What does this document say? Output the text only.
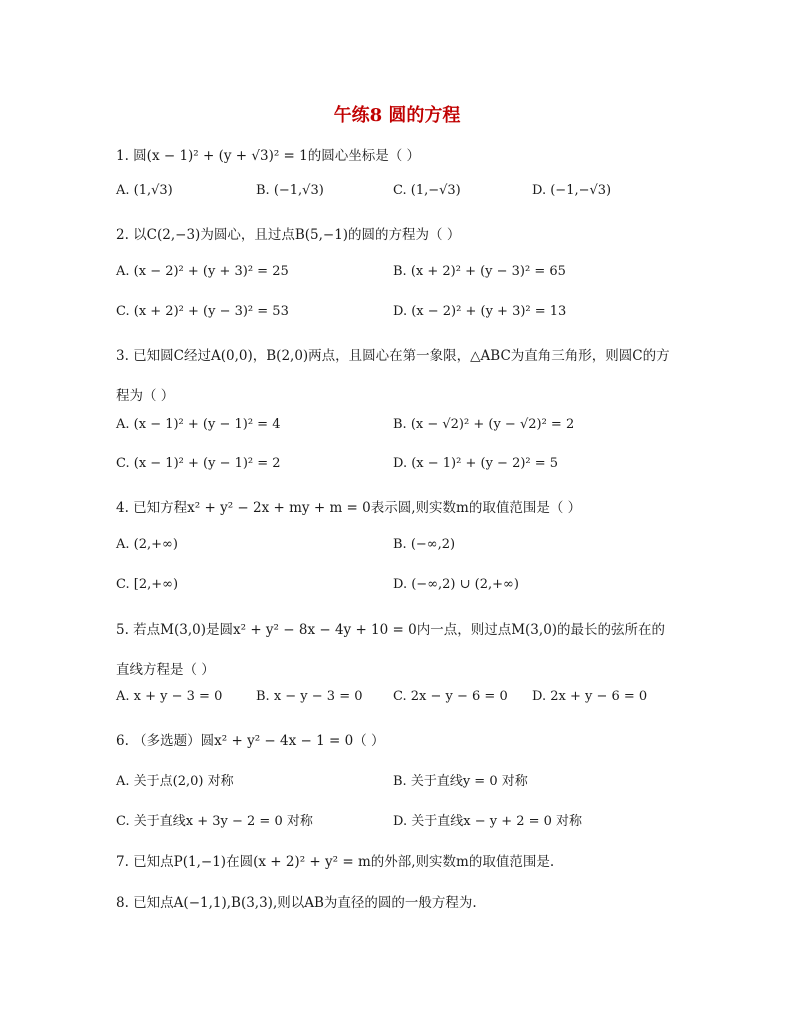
午练8 圆的方程
1. 圆(x − 1)² + (y + √3)² = 1的圆心坐标是（ ）
A. (1,√3)	B. (−1,√3)	C. (1,−√3)	D. (−1,−√3)
2. 以C(2,−3)为圆心，且过点B(5,−1)的圆的方程为（ ）
A. (x − 2)² + (y + 3)² = 25	B. (x + 2)² + (y − 3)² = 65
C. (x + 2)² + (y − 3)² = 53	D. (x − 2)² + (y + 3)² = 13
3. 已知圆C经过A(0,0)，B(2,0)两点，且圆心在第一象限，△ABC为直角三角形，则圆C的方
程为（ ）
A. (x − 1)² + (y − 1)² = 4	B. (x − √2)² + (y − √2)² = 2
C. (x − 1)² + (y − 1)² = 2	D. (x − 1)² + (y − 2)² = 5
4. 已知方程x² + y² − 2x + my + m = 0表示圆,则实数m的取值范围是（ ）
A. (2,+∞)	B. (−∞,2)
C. [2,+∞)	D. (−∞,2) ∪ (2,+∞)
5. 若点M(3,0)是圆x² + y² − 8x − 4y + 10 = 0内一点，则过点M(3,0)的最长的弦所在的
直线方程是（ ）
A. x + y − 3 = 0	B. x − y − 3 = 0 C. 2x − y − 6 = 0 D. 2x + y − 6 = 0
6. （多选题）圆x² + y² − 4x − 1 = 0（ ）
A. 关于点(2,0) 对称	B. 关于直线y = 0 对称
C. 关于直线x + 3y − 2 = 0 对称	D. 关于直线x − y + 2 = 0 对称
7. 已知点P(1,−1)在圆(x + 2)² + y² = m的外部,则实数m的取值范围是.
8. 已知点A(−1,1),B(3,3),则以AB为直径的圆的一般方程为.
